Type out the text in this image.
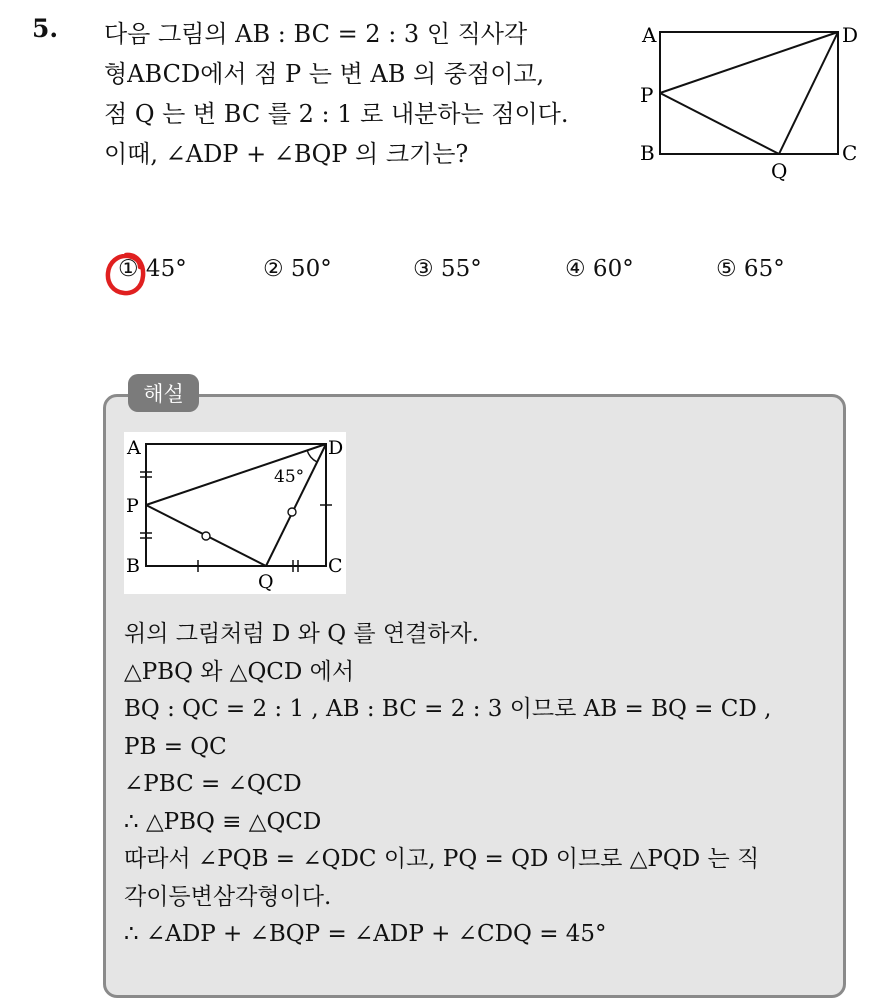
5. 다음 그림의 AB : BC = 2 : 3 인 직사각
형ABCD에서 점 P 는 변 AB 의 중점이고,
점 Q 는 변 BC 를 2 : 1 로 내분하는 점이다.
이때, ∠ADP + ∠BQP 의 크기는?
A	D
P
B	C
Q
① 45°	② 50°	③ 55°	④ 60°	⑤ 65°
해설
A	D
P
B	C
Q
45°
위의 그림처럼 D 와 Q 를 연결하자.
△PBQ 와 △QCD 에서
BQ : QC = 2 : 1 , AB : BC = 2 : 3 이므로 AB = BQ = CD ,
PB = QC
∠PBC = ∠QCD
∴ △PBQ ≡ △QCD
따라서 ∠PQB = ∠QDC 이고, PQ = QD 이므로 △PQD 는 직
각이등변삼각형이다.
∴ ∠ADP + ∠BQP = ∠ADP + ∠CDQ = 45°
